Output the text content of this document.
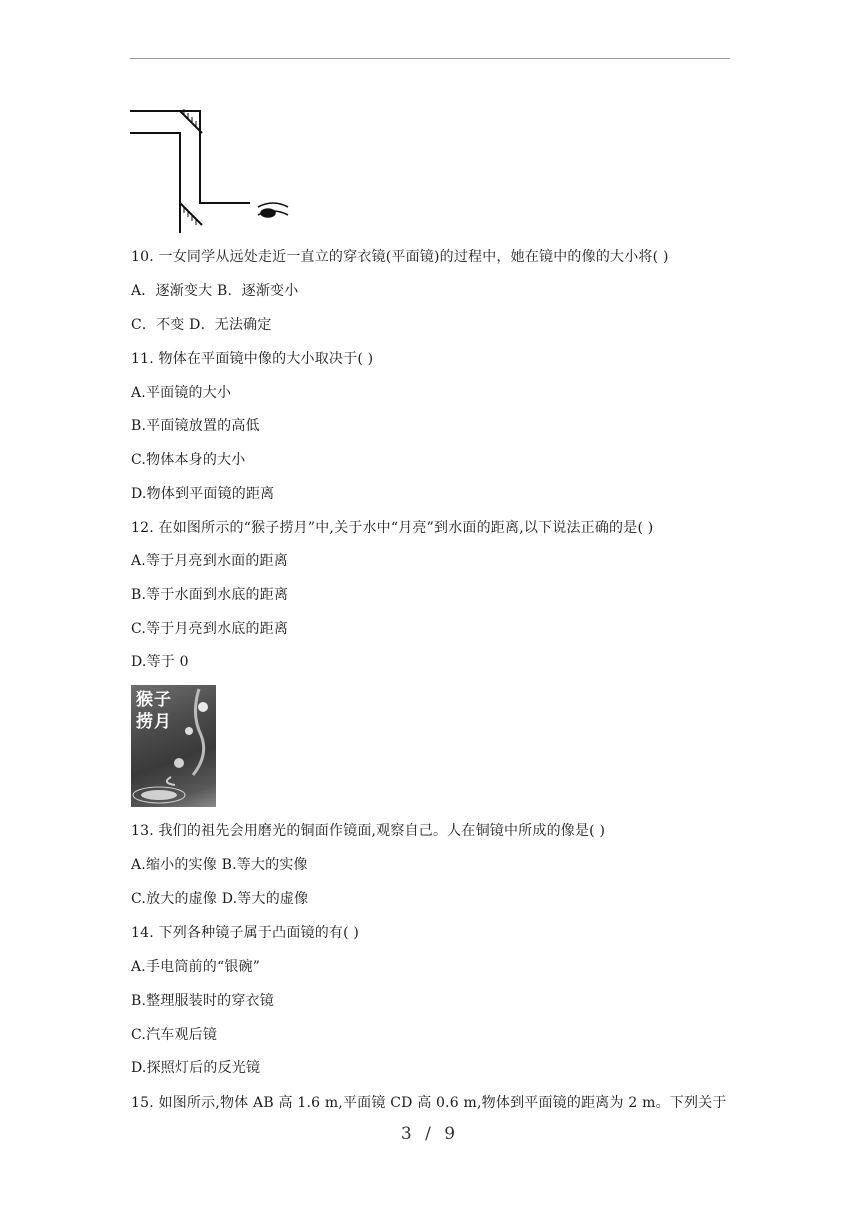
10. 一女同学从远处走近一直立的穿衣镜(平面镜)的过程中，她在镜中的像的大小将( )
A．逐渐变大 B．逐渐变小
C．不变 D．无法确定
11. 物体在平面镜中像的大小取决于( )
A.平面镜的大小
B.平面镜放置的高低
C.物体本身的大小
D.物体到平面镜的距离
12. 在如图所示的“猴子捞月”中,关于水中“月亮”到水面的距离,以下说法正确的是( )
A.等于月亮到水面的距离
B.等于水面到水底的距离
C.等于月亮到水底的距离
D.等于 0
13. 我们的祖先会用磨光的铜面作镜面,观察自己。人在铜镜中所成的像是( )
A.缩小的实像 B.等大的实像
C.放大的虚像 D.等大的虚像
14. 下列各种镜子属于凸面镜的有( )
A.手电筒前的“银碗”
B.整理服装时的穿衣镜
C.汽车观后镜
D.探照灯后的反光镜
15. 如图所示,物体 AB 高 1.6 m,平面镜 CD 高 0.6 m,物体到平面镜的距离为 2 m。下列关于
猴子
捞月
3 / 9
